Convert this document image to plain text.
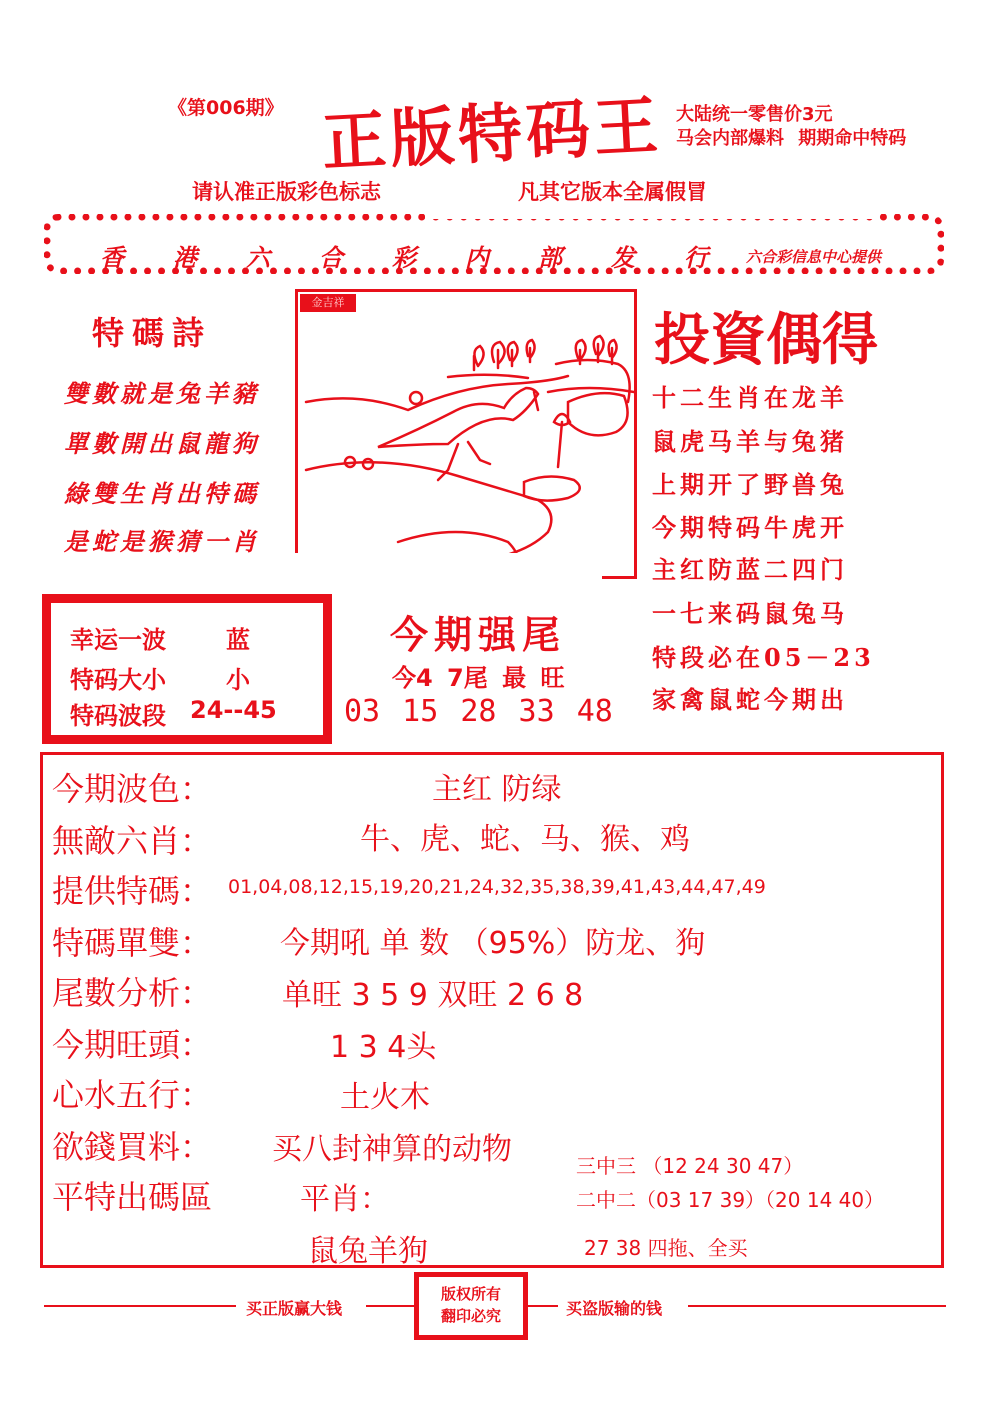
《第006期》 正版特码王 大陆统一零售价3元
马会内部爆料 期期命中特码
请认准正版彩色标志	凡其它版本全属假冒
香 港 六 合 彩 内 部 发 行	六合彩信息中心提供
特碼詩
雙數就是兔羊豬
單數開出鼠龍狗
綠雙生肖出特碼
是蛇是猴猜一肖
金吉祥
投資偶得
十二生肖在龙羊
鼠虎马羊与兔猪
上期开了野兽兔
今期特码牛虎开
主红防蓝二四门
一七来码鼠兔马
特段必在05－23
家禽鼠蛇今期出
幸运一波	蓝
特码大小	小
特码波段 24--45
今期强尾
今4 7尾 最 旺
03 15 28 33 48
今期波色：	主红 防绿
無敵六肖：	牛、虎、蛇、马、猴、鸡
提供特碼： 01,04,08,12,15,19,20,21,24,32,35,38,39,41,43,44,47,49
特碼單雙： 今期吼 单 数 （95%）防龙、狗
尾數分析： 单旺 3 5 9 双旺 2 6 8
今期旺頭：	1 3 4头
心水五行：	土火木
欲錢買料： 买八封神算的动物
平特出碼區	平肖：
鼠兔羊狗
三中三 （12 24 30 47）
二中二（03 17 39）（20 14 40）
27 38 四拖、全买
买正版赢大钱
版权所有
翻印必究	买盗版输的钱
